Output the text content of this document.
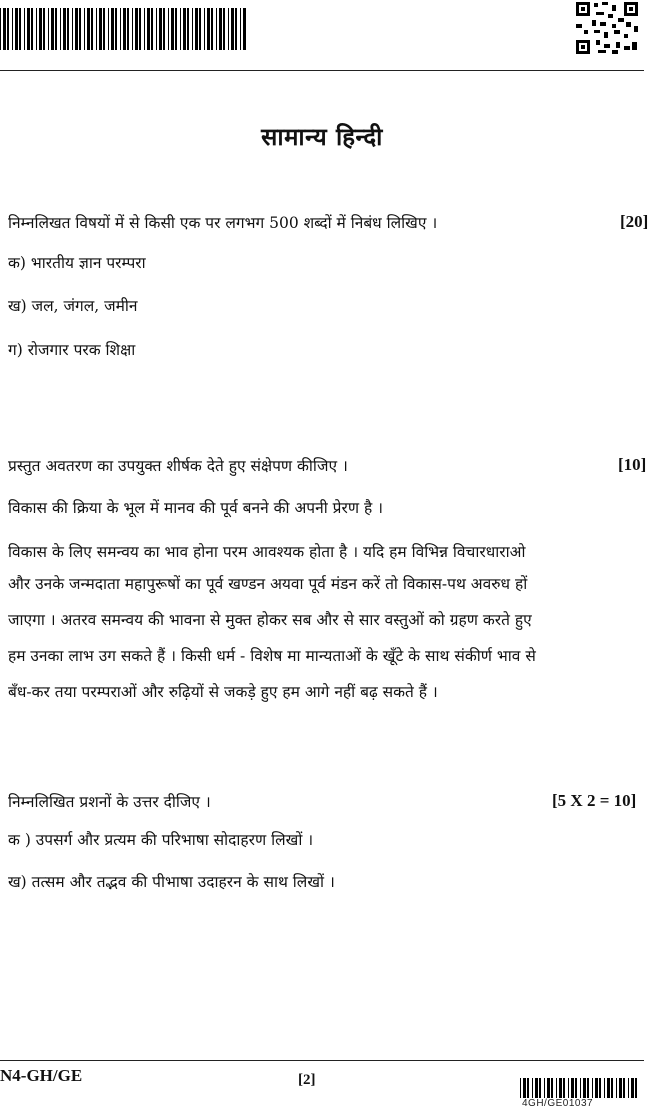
सामान्य हिन्दी
निम्नलिखत विषयों में से किसी एक पर लगभग 500 शब्दों में निबंध लिखिए ।	[20]
क) भारतीय ज्ञान परम्परा
ख) जल, जंगल, जमीन
ग) रोजगार परक शिक्षा
प्रस्तुत अवतरण का उपयुक्त शीर्षक देते हुए संक्षेपण कीजिए ।	[10]
विकास की क्रिया के भूल में मानव की पूर्व बनने की अपनी प्रेरण है ।
विकास के लिए समन्वय का भाव होना परम आवश्यक होता है । यदि हम विभिन्न विचारधाराओ
और उनके जन्मदाता महापुरूषों का पूर्व खण्डन अयवा पूर्व मंडन करें तो विकास-पथ अवरुध हों
जाएगा । अतरव समन्वय की भावना से मुक्त होकर सब और से सार वस्तुओं को ग्रहण करते हुए
हम उनका लाभ उग सकते हैं । किसी धर्म - विशेष मा मान्यताओं के खूँटे के साथ संकीर्ण भाव से
बँध-कर तया परम्पराओं और रुढ़ियों से जकड़े हुए हम आगे नहीं बढ़ सकते हैं ।
निम्नलिखित प्रशनों के उत्तर दीजिए ।	[5 X 2 = 10]
क ) उपसर्ग और प्रत्यम की परिभाषा सोदाहरण लिखों ।
ख) तत्सम और तद्भव की पीभाषा उदाहरन के साथ लिखों ।
N4-GH/GE	[2]
4GH/GE01037
